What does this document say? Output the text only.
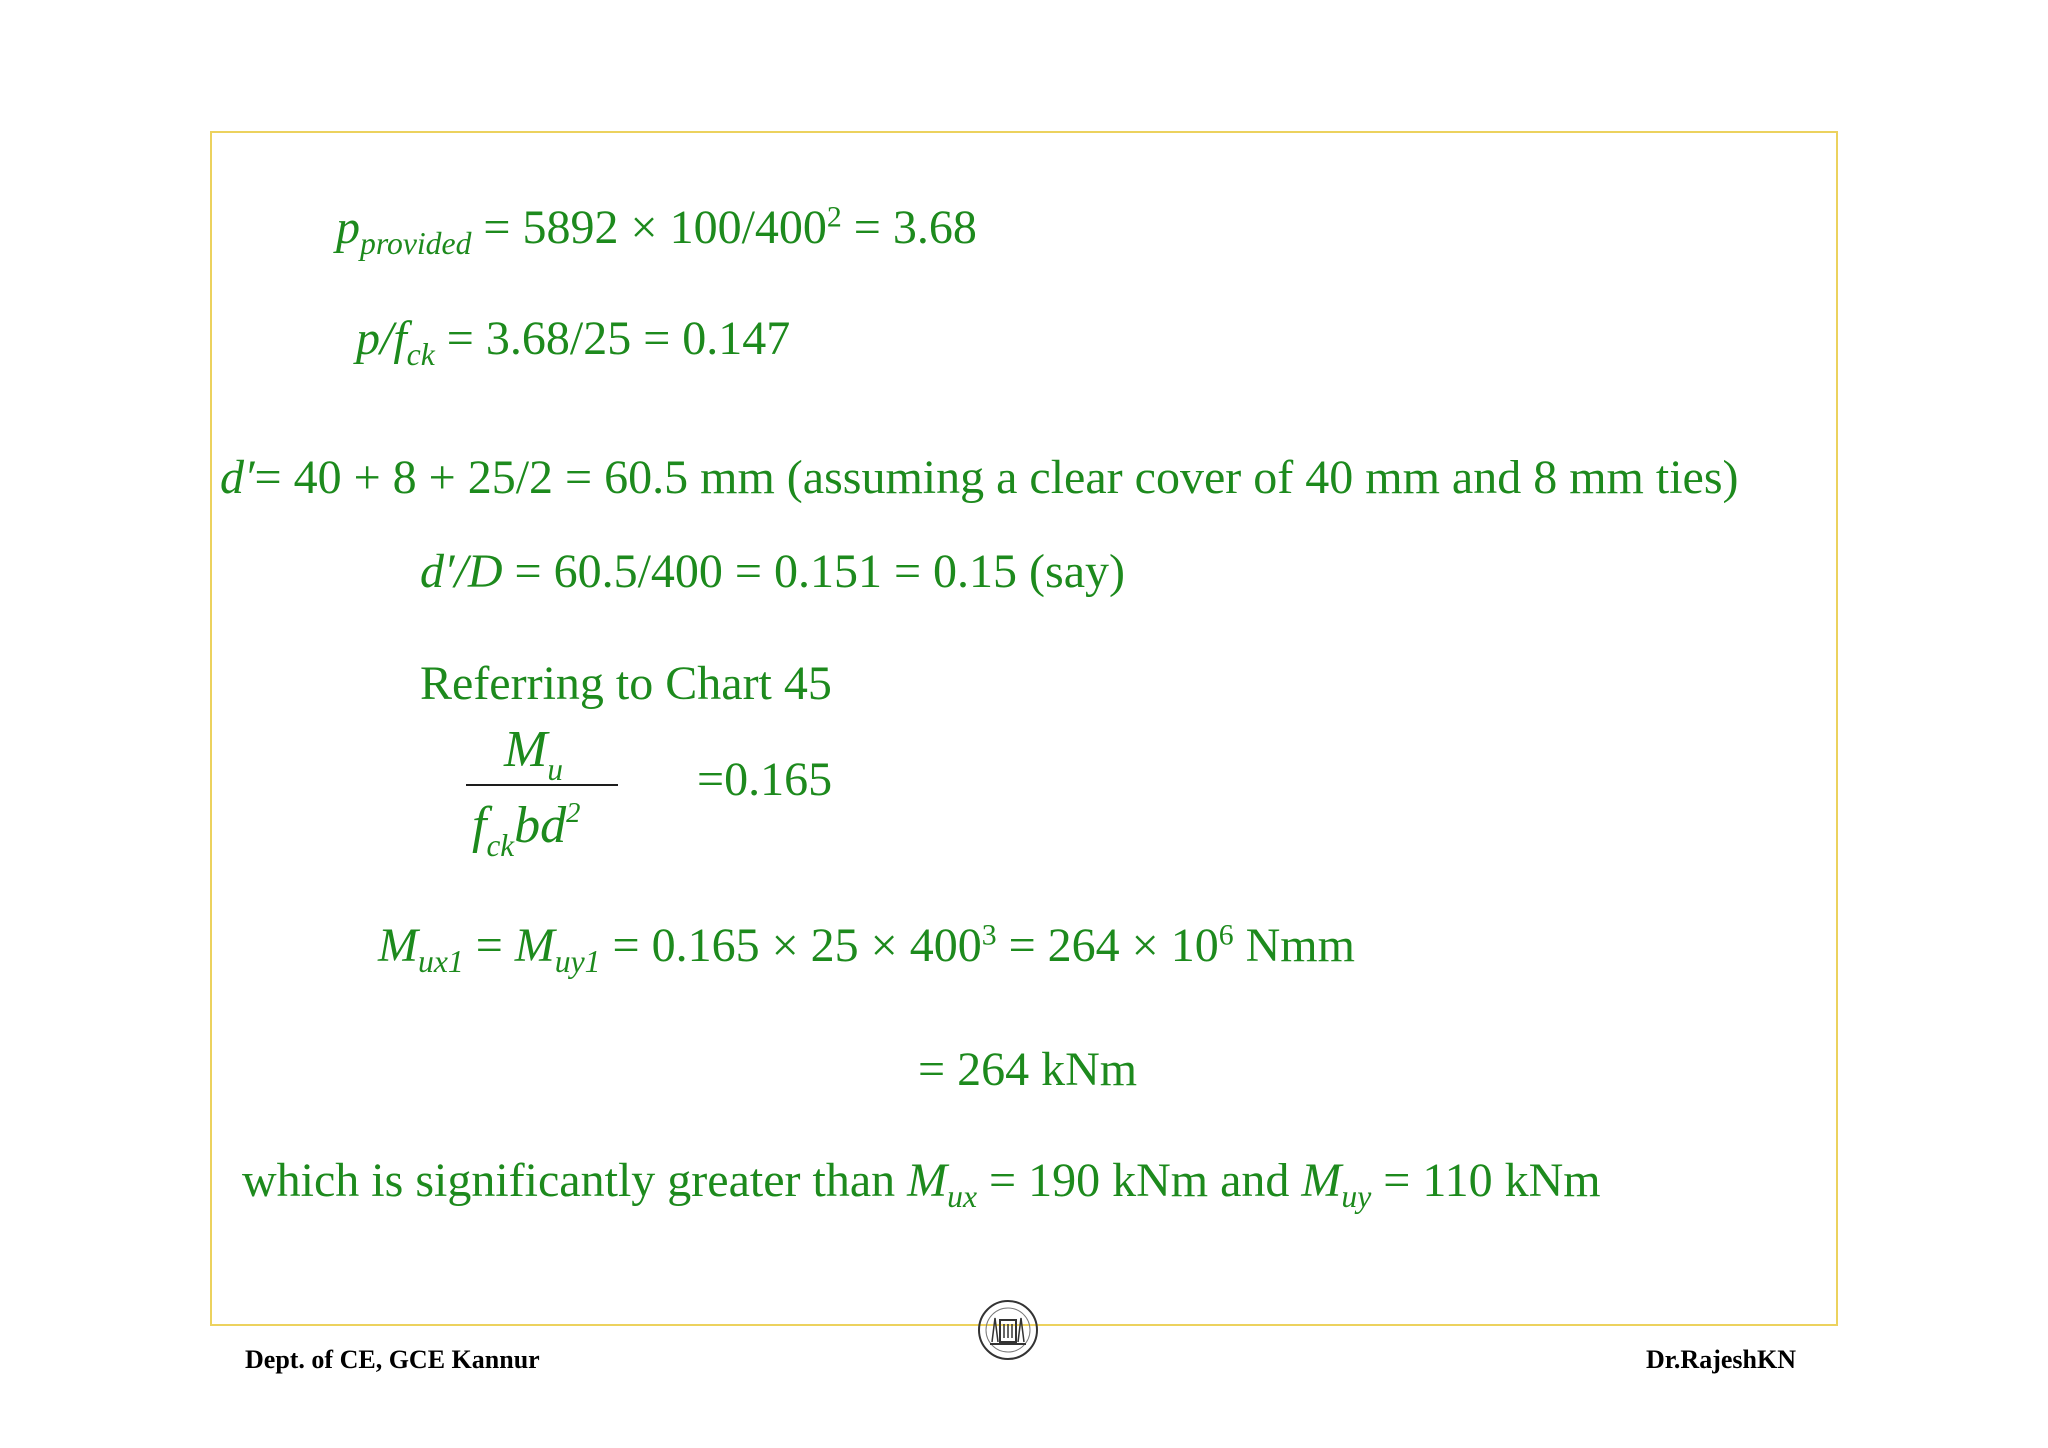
$p_{provided} = 5892 \times 100/400^2 = 3.68$
$p/f_{ck} = 3.68/25 = 0.147$
d′= 40 + 8 + 25/2 = 60.5 mm (assuming a clear cover of 40 mm and 8 mm ties)
d′/D = 60.5/400 = 0.151 = 0.15 (say)
Referring to Chart 45
$M_u$
$f_{ck}bd^2$
=0.165
$M_{ux1} = M_{uy1} = 0.165 \times 25 \times 400^3 = 264 \times 10^6$ Nmm
= 264 kNm
which is significantly greater than $M_{ux} = 190$ kNm and $M_{uy} = 110$ kNm
Dept. of CE, GCE Kannur	Dr.RajeshKN
